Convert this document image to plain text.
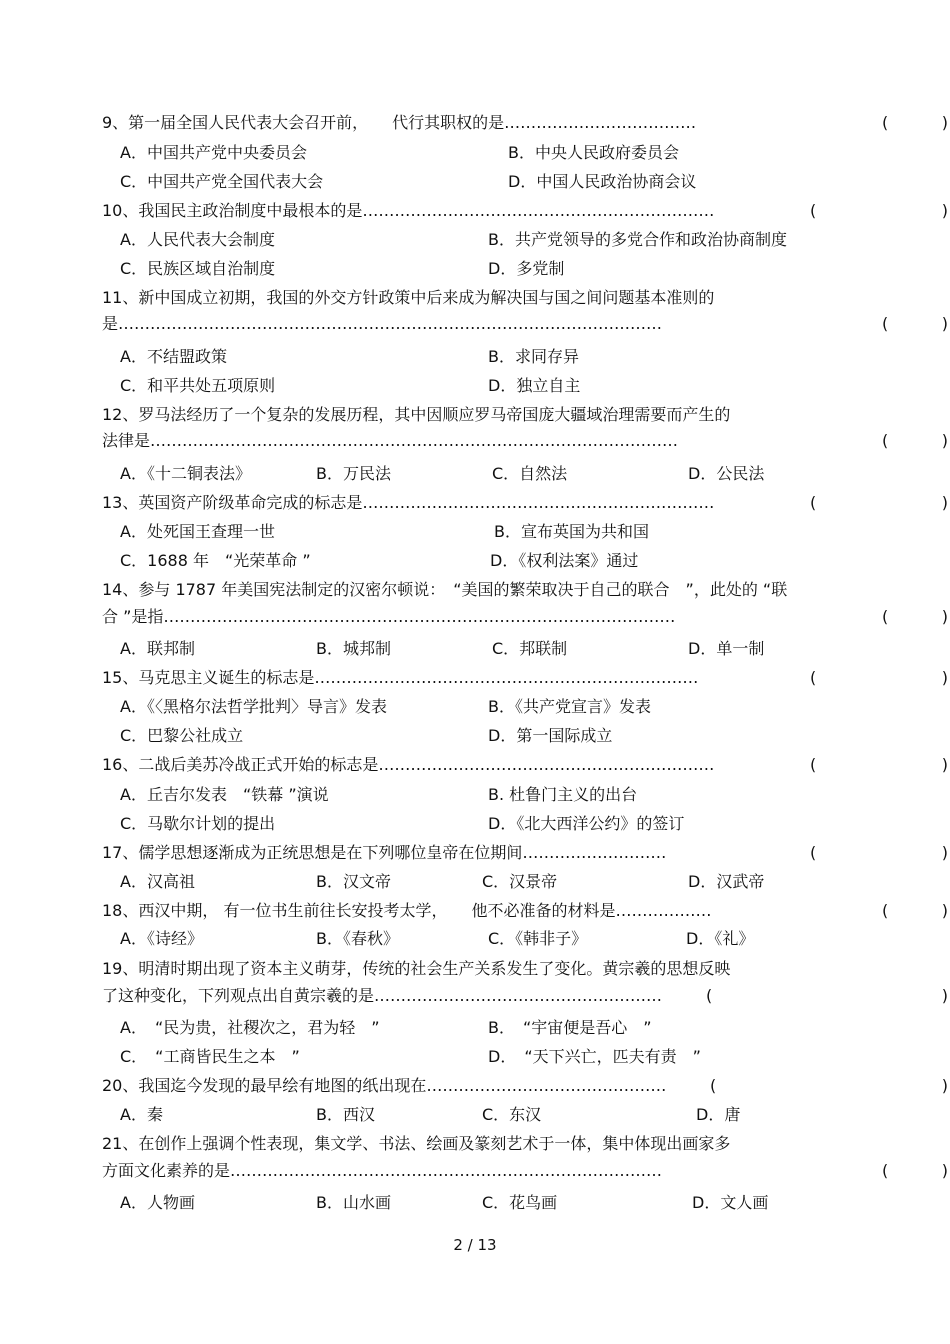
9、第一届全国人民代表大会召开前，　　代行其职权的是………………………………	(	)
A．中国共产党中央委员会	B．中央人民政府委员会
C．中国共产党全国代表大会	D．中国人民政治协商会议
10、我国民主政治制度中最根本的是…………………………………………………………	(	)
A．人民代表大会制度	B．共产党领导的多党合作和政治协商制度
C．民族区域自治制度	D．多党制
11、新中国成立初期，我国的外交方针政策中后来成为解决国与国之间问题基本准则的
是…………………………………………………………………………………………	(	)
A．不结盟政策	B．求同存异
C．和平共处五项原则	D．独立自主
12、罗马法经历了一个复杂的发展历程，其中因顺应罗马帝国庞大疆域治理需要而产生的
法律是………………………………………………………………………………………	(	)
A．《十二铜表法》	B．万民法	C．自然法	D．公民法
13、英国资产阶级革命完成的标志是…………………………………………………………	(	)
A．处死国王查理一世	B．宣布英国为共和国
C．1688 年　“光荣革命 ”	D．《权利法案》通过
14、参与 1787 年美国宪法制定的汉密尔顿说：　“美国的繁荣取决于自己的联合　”，此处的 “联
合 ”是指……………………………………………………………………………………	(	)
A．联邦制	B．城邦制	C．邦联制	D．单一制
15、马克思主义诞生的标志是………………………………………………………………	(	)
A．《〈黑格尔法哲学批判〉导言》发表	B．《共产党宣言》发表
C．巴黎公社成立	D．第一国际成立
16、二战后美苏冷战正式开始的标志是………………………………………………………	(	)
A．丘吉尔发表　“铁幕 ”演说	B. 杜鲁门主义的出台
C．马歇尔计划的提出	D．《北大西洋公约》的签订
17、儒学思想逐渐成为正统思想是在下列哪位皇帝在位期间………………………	(	)
A．汉高祖	B．汉文帝	C．汉景帝	D．汉武帝
18、西汉中期， 有一位书生前往长安投考太学，　　他不必准备的材料是………………	(	)
A．《诗经》	B．《春秋》	C．《韩非子》	D．《礼》
19、明清时期出现了资本主义萌芽，传统的社会生产关系发生了变化。黄宗羲的思想反映
了这种变化，下列观点出自黄宗羲的是………………………………………………	(	)
A．　“民为贵，社稷次之，君为轻　”	B．　“宇宙便是吾心　”
C．　“工商皆民生之本　”	D．　“天下兴亡，匹夫有责　”
20、我国迄今发现的最早绘有地图的纸出现在………………………………………	(	)
A．秦	B．西汉	C．东汉	D．唐
21、在创作上强调个性表现，集文学、书法、绘画及篆刻艺术于一体，集中体现出画家多
方面文化素养的是………………………………………………………………………	(	)
A．人物画	B．山水画	C．花鸟画	D．文人画
2 / 13
